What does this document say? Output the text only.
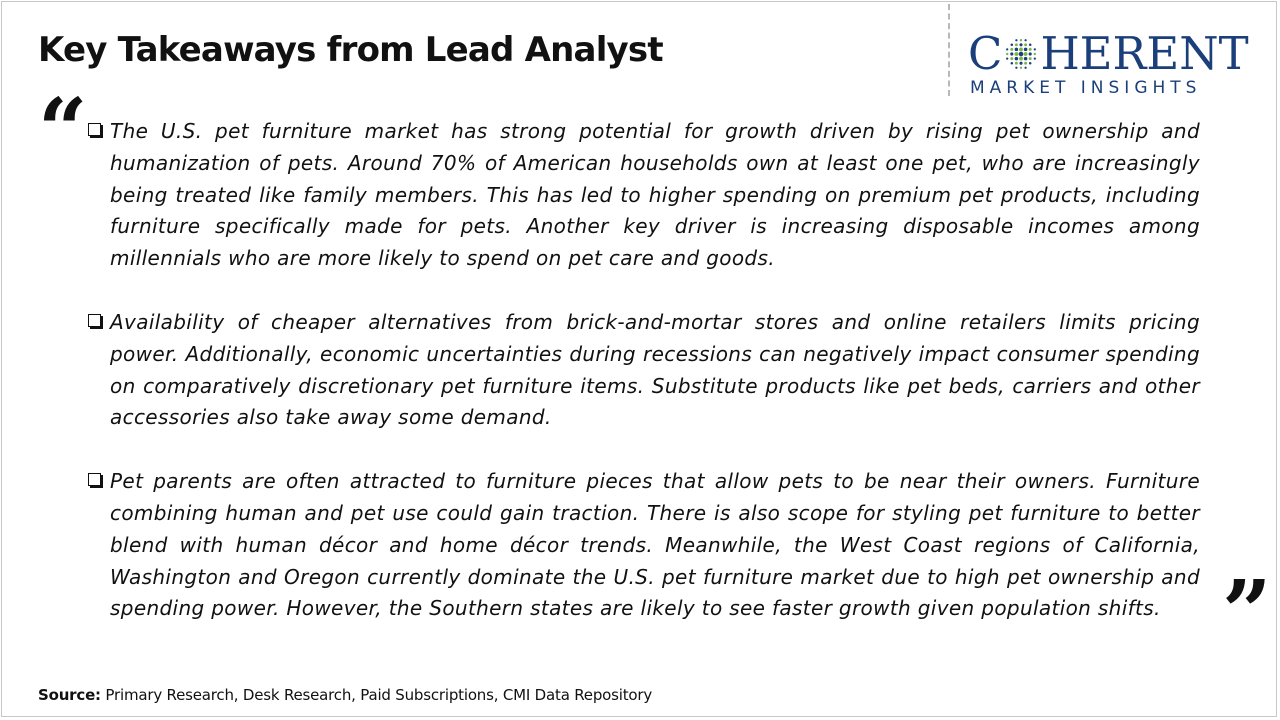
Key Takeaways from Lead Analyst	C HERENT
MARKET INSIGHTS
“ The U.S. pet furniture market has strong potential for growth driven by rising pet ownership and humanization of pets. Around 70% of American households own at least one pet, who are increasingly being treated like family members. This has led to higher spending on premium pet products, including furniture specifically made for pets. Another key driver is increasing disposable incomes among millennials who are more likely to spend on pet care and goods.
Availability of cheaper alternatives from brick-and-mortar stores and online retailers limits pricing power. Additionally, economic uncertainties during recessions can negatively impact consumer spending on comparatively discretionary pet furniture items. Substitute products like pet beds, carriers and other accessories also take away some demand.
Pet parents are often attracted to furniture pieces that allow pets to be near their owners. Furniture combining human and pet use could gain traction. There is also scope for styling pet furniture to better blend with human décor and home décor trends. Meanwhile, the West Coast regions of California, Washington and Oregon currently dominate the U.S. pet furniture market due to high pet ownership and spending power. However, the Southern states are likely to see faster growth given population shifts. ”
Source: Primary Research, Desk Research, Paid Subscriptions, CMI Data Repository
